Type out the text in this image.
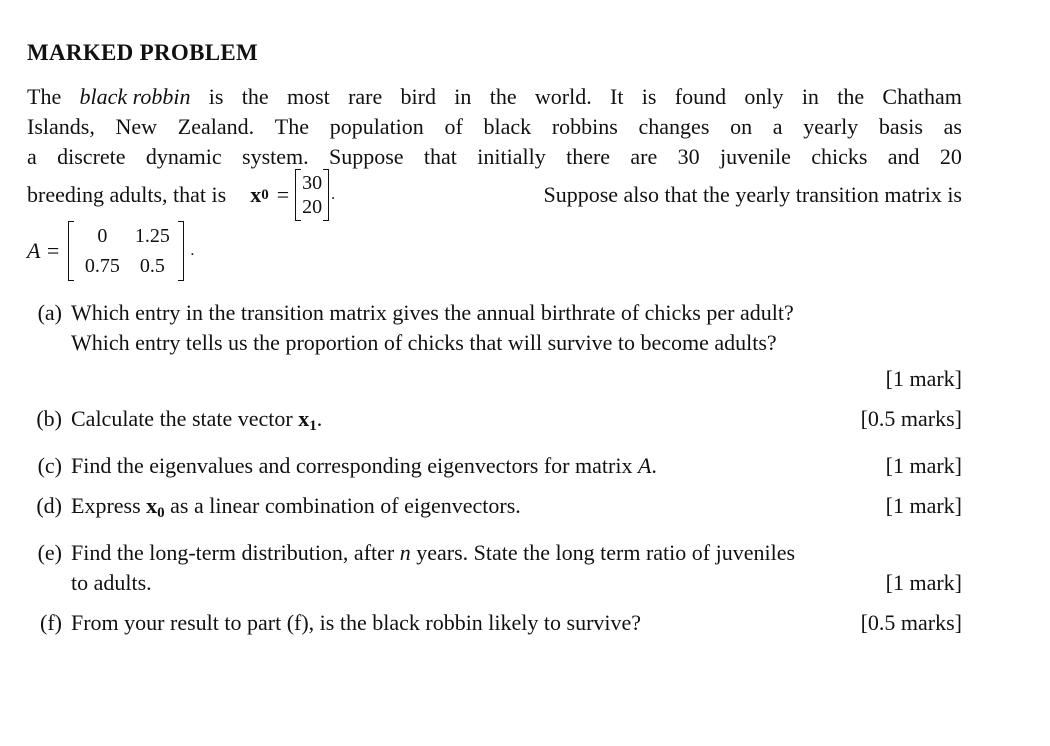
MARKED PROBLEM
The black robbin is the most rare bird in the world. It is found only in the Chatham
Islands, New Zealand. The population of black robbins changes on a yearly basis as
a discrete dynamic system. Suppose that initially there are 30 juvenile chicks and 20
breeding adults, that is x 0 = 30
20
.	Suppose also that the yearly transition matrix is
A =
0	1.25
0.75	0.5
.
(a) Which entry in the transition matrix gives the annual birthrate of chicks per adult?
Which entry tells us the proportion of chicks that will survive to become adults?
[1 mark]
(b) Calculate the state vector $x_1$.	[0.5 marks]
(c) Find the eigenvalues and corresponding eigenvectors for matrix A.	[1 mark]
(d) Express $x_0$ as a linear combination of eigenvectors.	[1 mark]
(e) Find the long-term distribution, after n years. State the long term ratio of juveniles
to adults.	[1 mark]
(f) From your result to part (f), is the black robbin likely to survive?	[0.5 marks]
